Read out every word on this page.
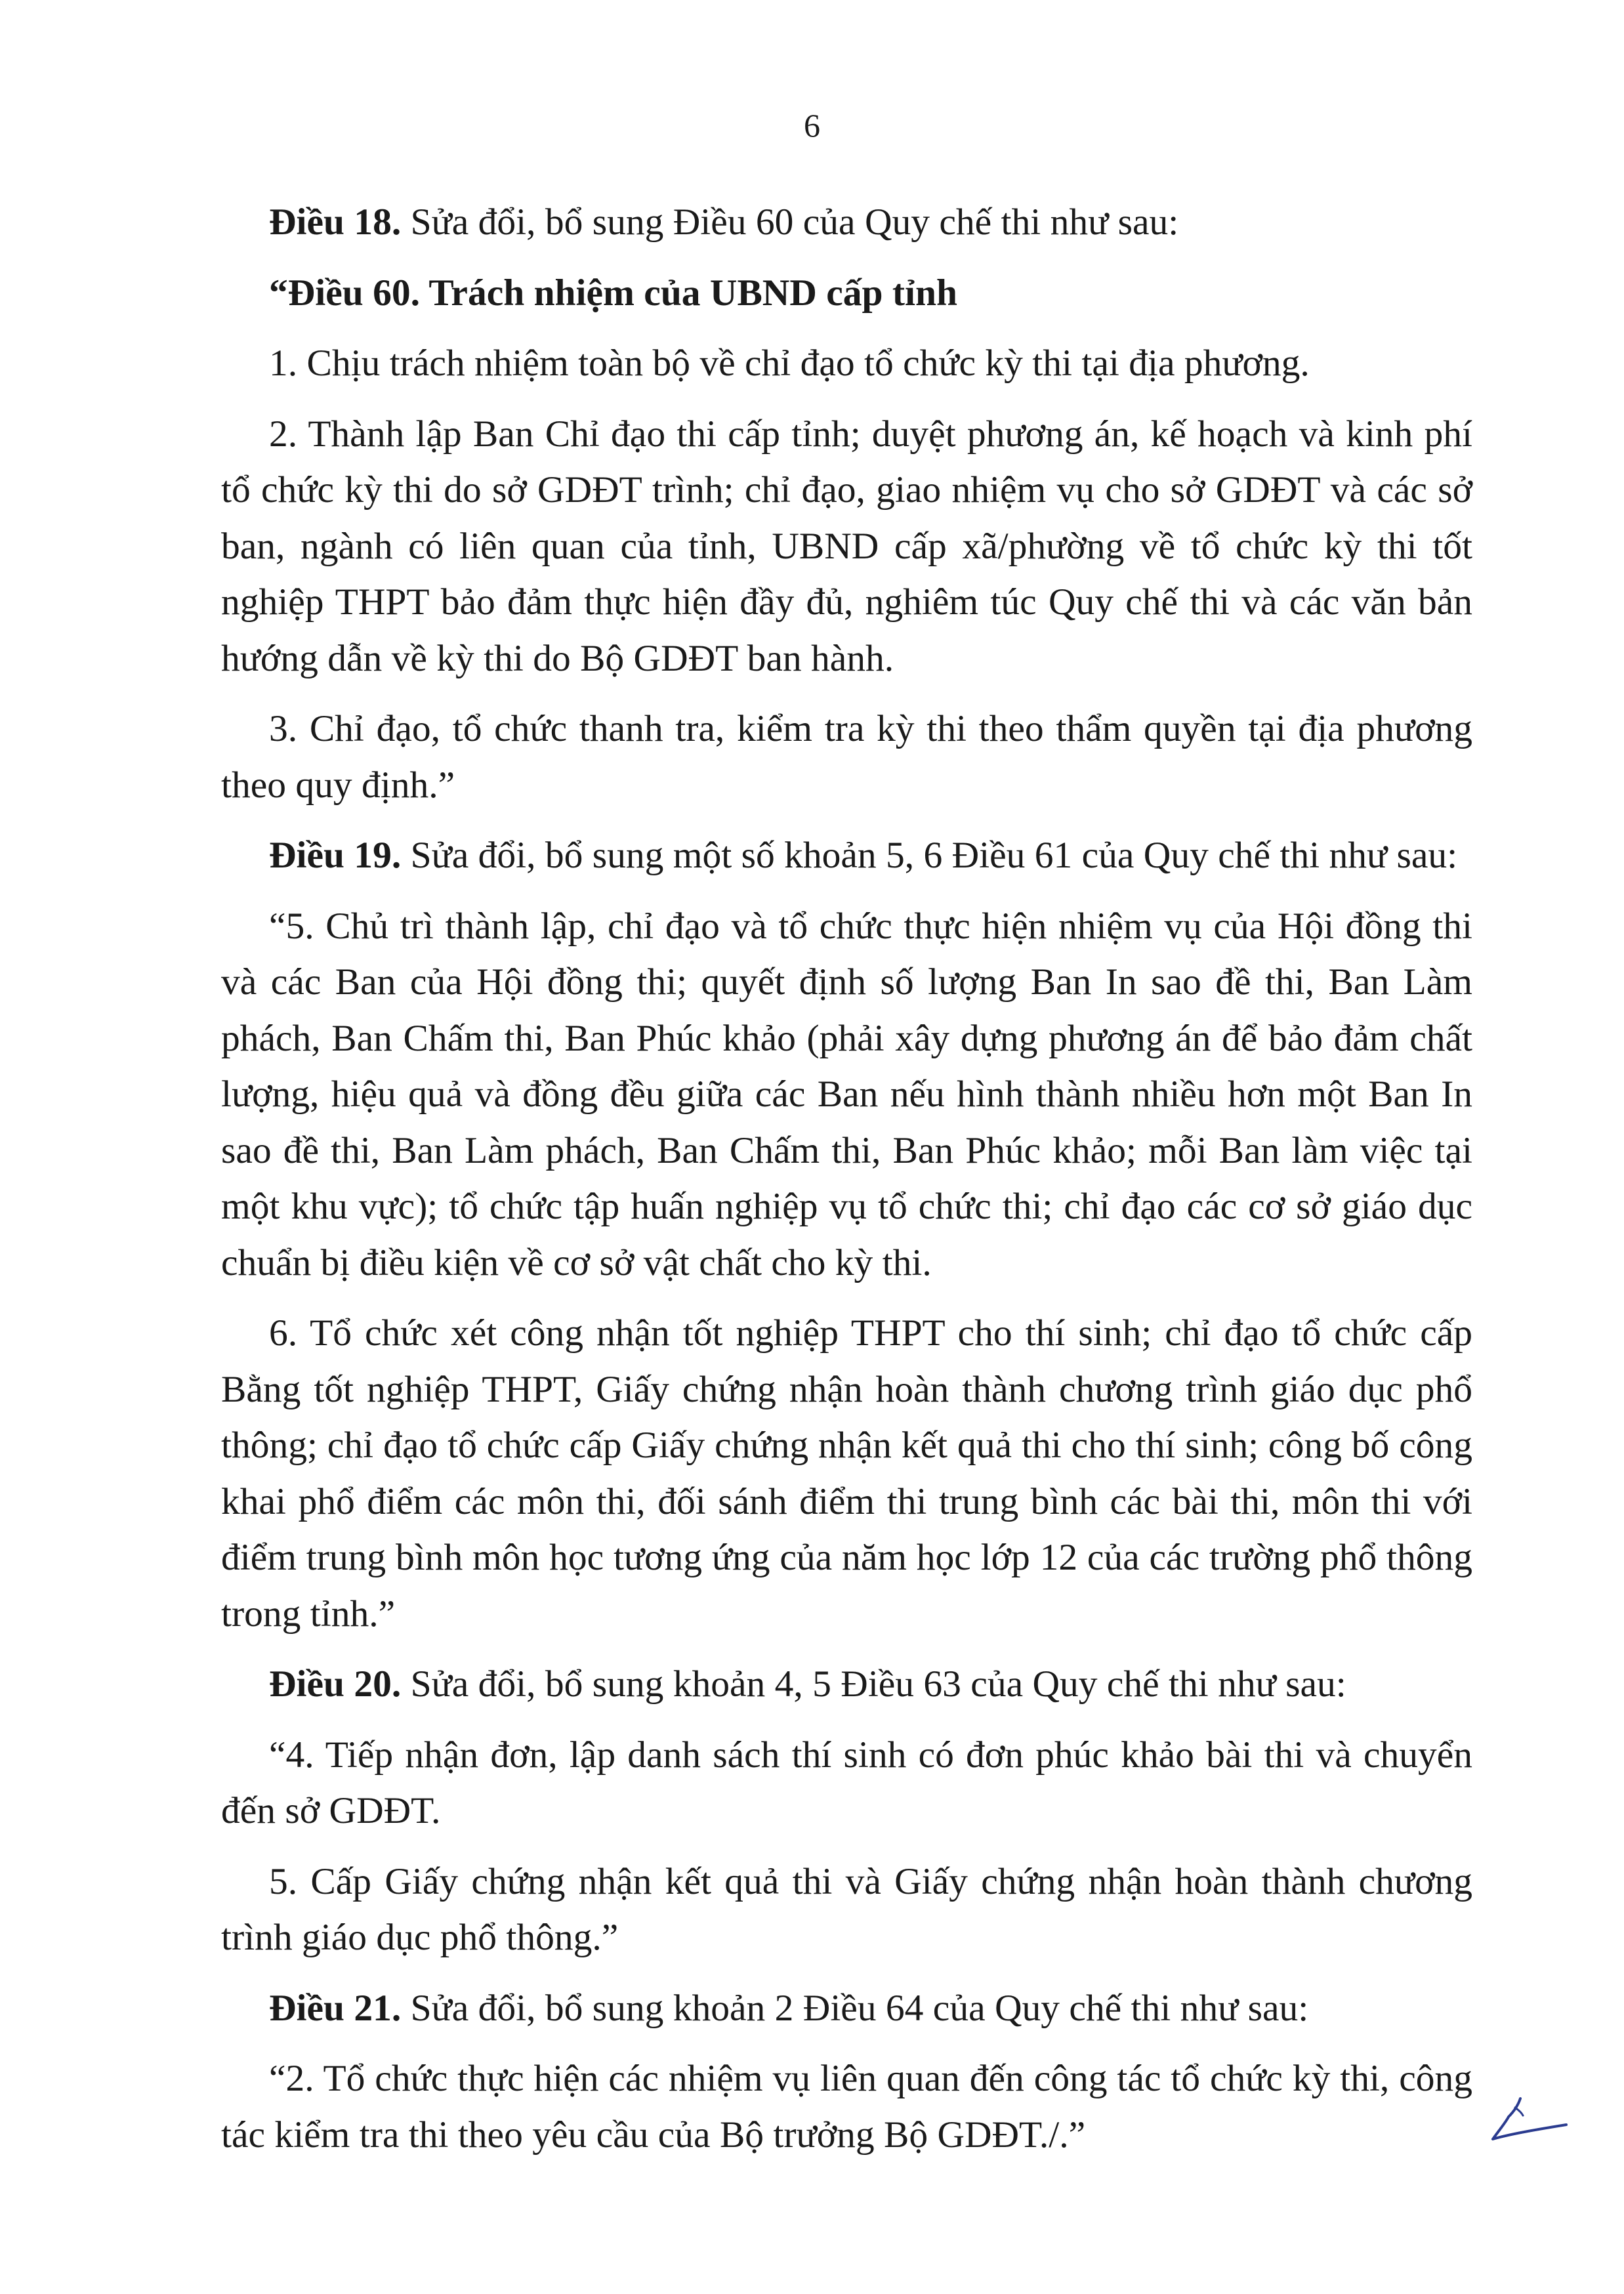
6

Điều 18. Sửa đổi, bổ sung Điều 60 của Quy chế thi như sau:

“Điều 60. Trách nhiệm của UBND cấp tỉnh

1. Chịu trách nhiệm toàn bộ về chỉ đạo tổ chức kỳ thi tại địa phương.

2. Thành lập Ban Chỉ đạo thi cấp tỉnh; duyệt phương án, kế hoạch và kinh phí tổ chức kỳ thi do sở GDĐT trình; chỉ đạo, giao nhiệm vụ cho sở GDĐT và các sở ban, ngành có liên quan của tỉnh, UBND cấp xã/phường về tổ chức kỳ thi tốt nghiệp THPT bảo đảm thực hiện đầy đủ, nghiêm túc Quy chế thi và các văn bản hướng dẫn về kỳ thi do Bộ GDĐT ban hành.

3. Chỉ đạo, tổ chức thanh tra, kiểm tra kỳ thi theo thẩm quyền tại địa phương theo quy định.”

Điều 19. Sửa đổi, bổ sung một số khoản 5, 6 Điều 61 của Quy chế thi như sau:

“5. Chủ trì thành lập, chỉ đạo và tổ chức thực hiện nhiệm vụ của Hội đồng thi và các Ban của Hội đồng thi; quyết định số lượng Ban In sao đề thi, Ban Làm phách, Ban Chấm thi, Ban Phúc khảo (phải xây dựng phương án để bảo đảm chất lượng, hiệu quả và đồng đều giữa các Ban nếu hình thành nhiều hơn một Ban In sao đề thi, Ban Làm phách, Ban Chấm thi, Ban Phúc khảo; mỗi Ban làm việc tại một khu vực); tổ chức tập huấn nghiệp vụ tổ chức thi; chỉ đạo các cơ sở giáo dục chuẩn bị điều kiện về cơ sở vật chất cho kỳ thi.

6. Tổ chức xét công nhận tốt nghiệp THPT cho thí sinh; chỉ đạo tổ chức cấp Bằng tốt nghiệp THPT, Giấy chứng nhận hoàn thành chương trình giáo dục phổ thông; chỉ đạo tổ chức cấp Giấy chứng nhận kết quả thi cho thí sinh; công bố công khai phổ điểm các môn thi, đối sánh điểm thi trung bình các bài thi, môn thi với điểm trung bình môn học tương ứng của năm học lớp 12 của các trường phổ thông trong tỉnh.”

Điều 20. Sửa đổi, bổ sung khoản 4, 5 Điều 63 của Quy chế thi như sau:

“4. Tiếp nhận đơn, lập danh sách thí sinh có đơn phúc khảo bài thi và chuyển đến sở GDĐT.

5. Cấp Giấy chứng nhận kết quả thi và Giấy chứng nhận hoàn thành chương trình giáo dục phổ thông.”

Điều 21. Sửa đổi, bổ sung khoản 2 Điều 64 của Quy chế thi như sau:

“2. Tổ chức thực hiện các nhiệm vụ liên quan đến công tác tổ chức kỳ thi, công tác kiểm tra thi theo yêu cầu của Bộ trưởng Bộ GDĐT./.”
